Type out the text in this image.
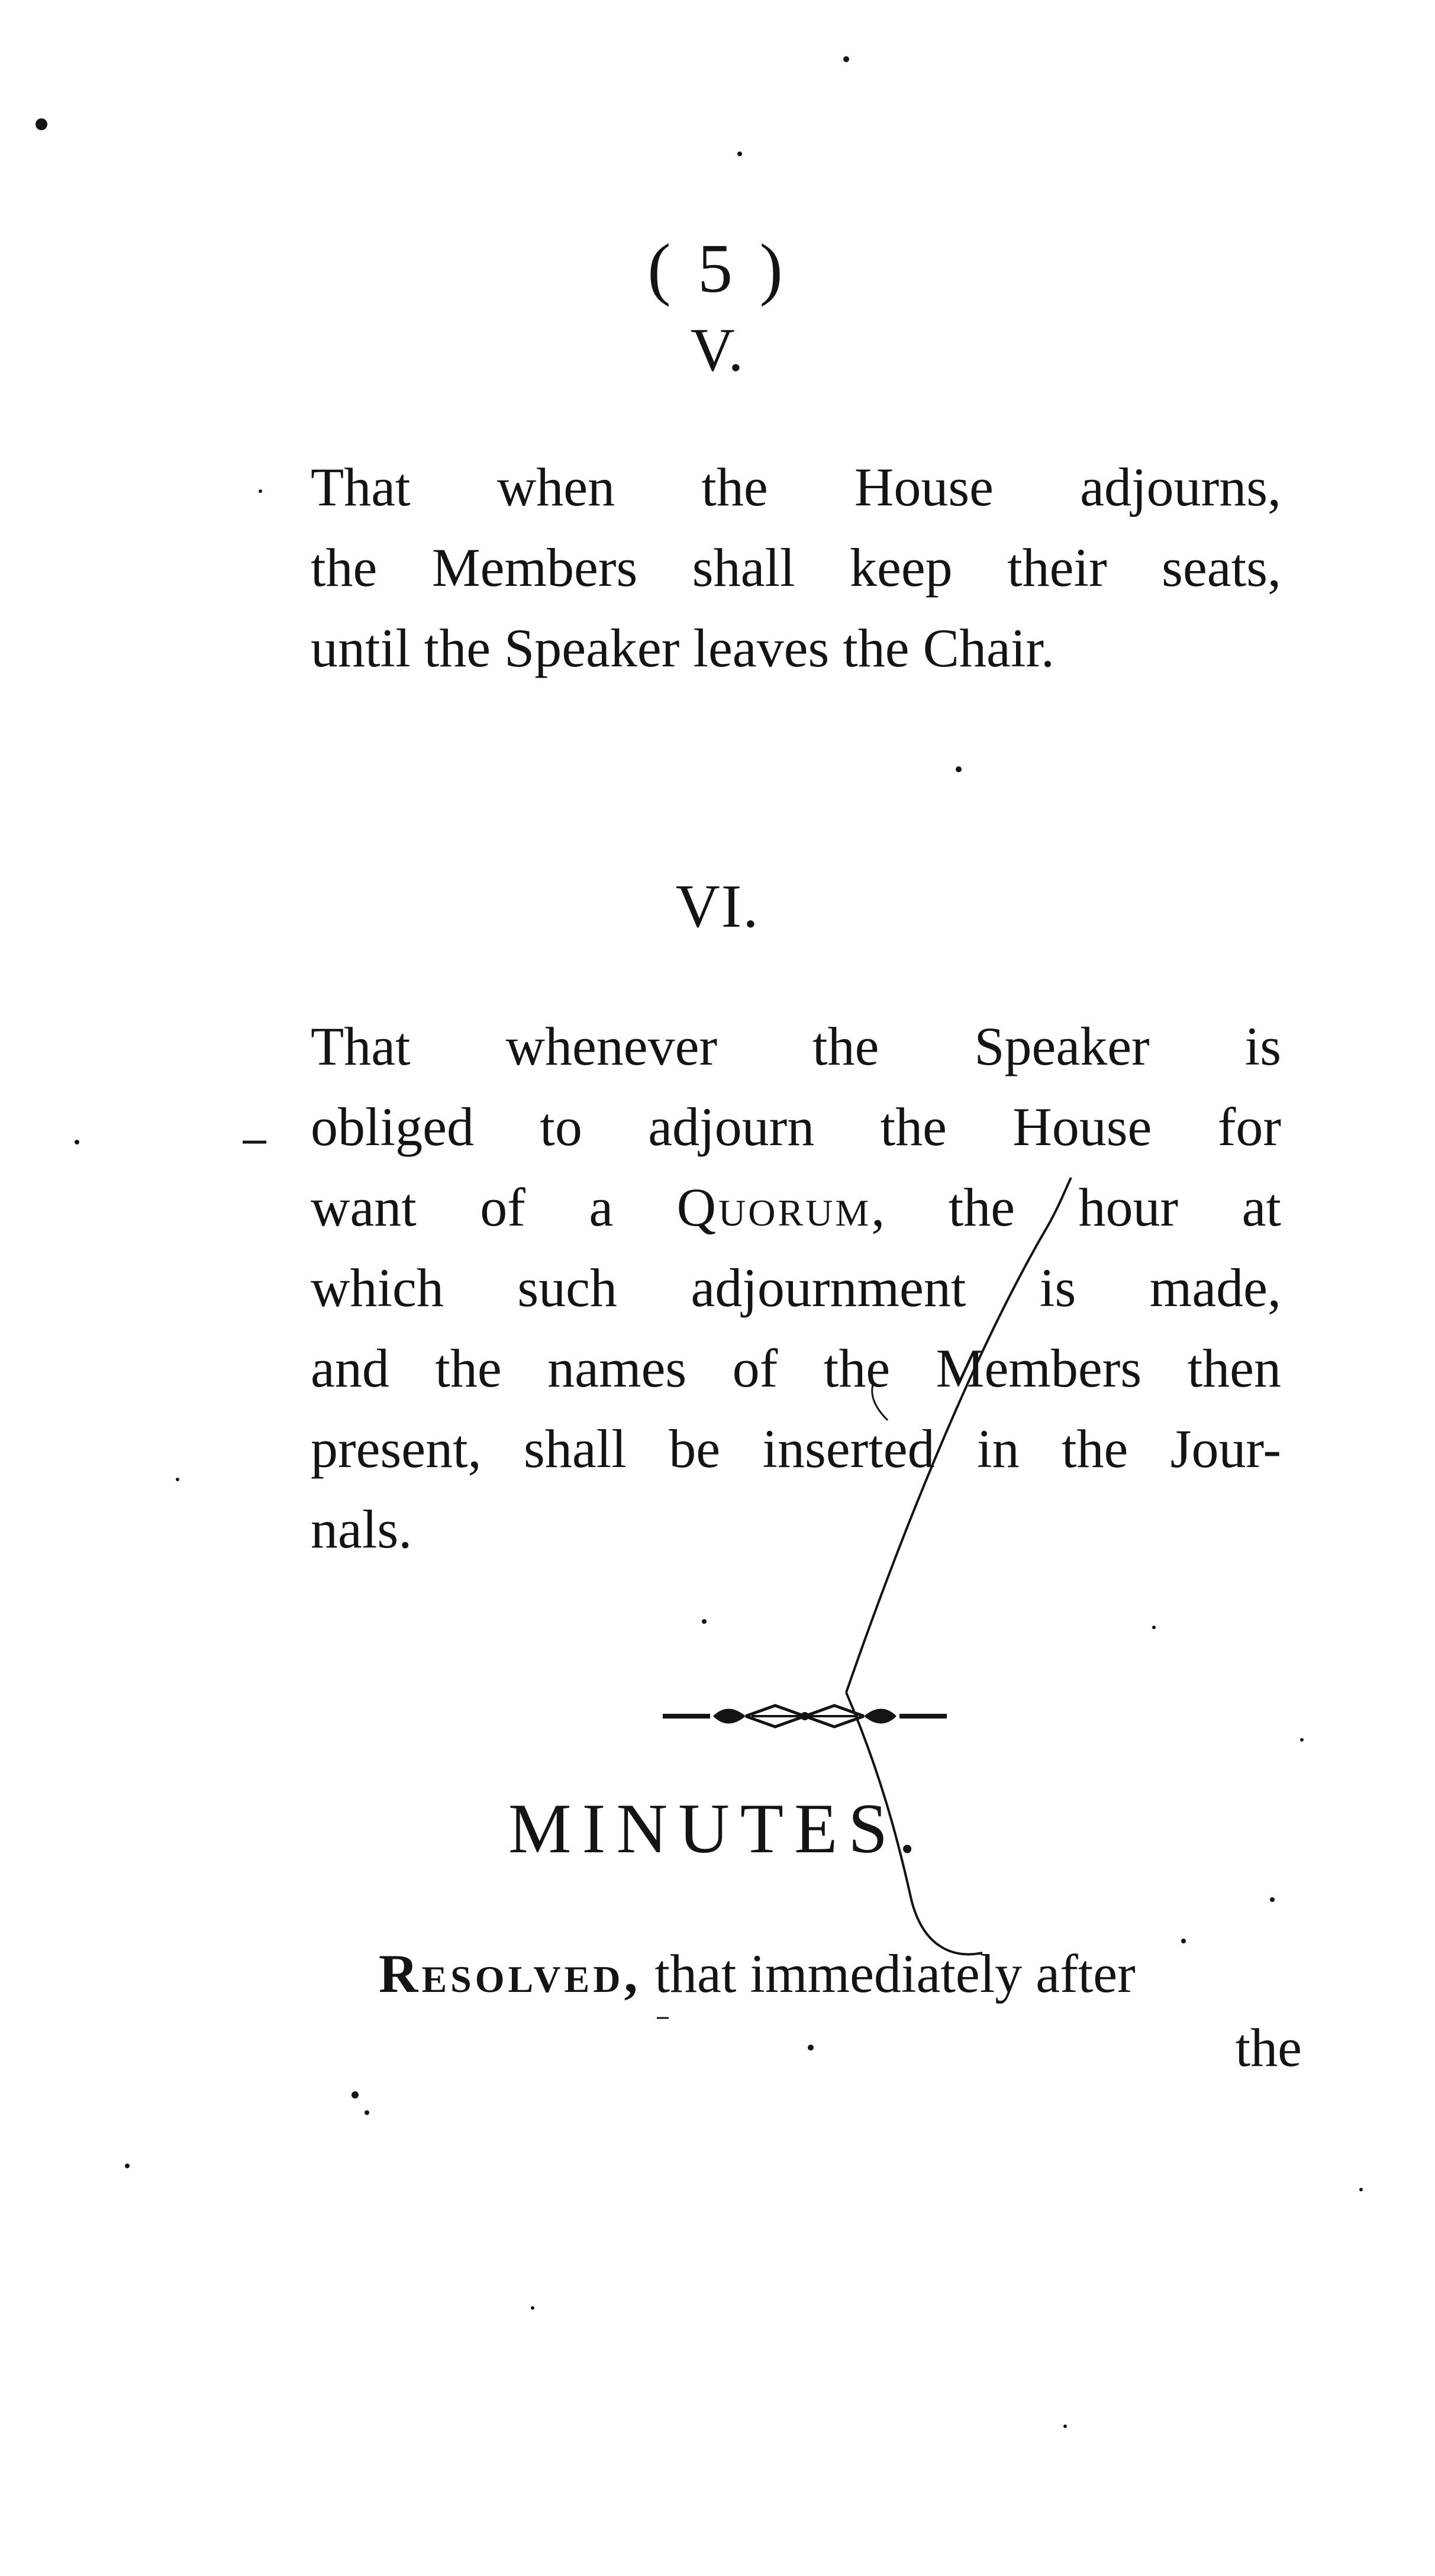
( 5 )
V.

That when the House adjourns,
the Members shall keep their seats,
until the Speaker leaves the Chair.

VI.

That whenever the Speaker is
obliged to adjourn the House for
want of a Quorum, the hour at
which such adjournment is made,
and the names of the Members then
present, shall be inserted in the Jour-
nals.

MINUTES.
Resolved, that immediately after
the
